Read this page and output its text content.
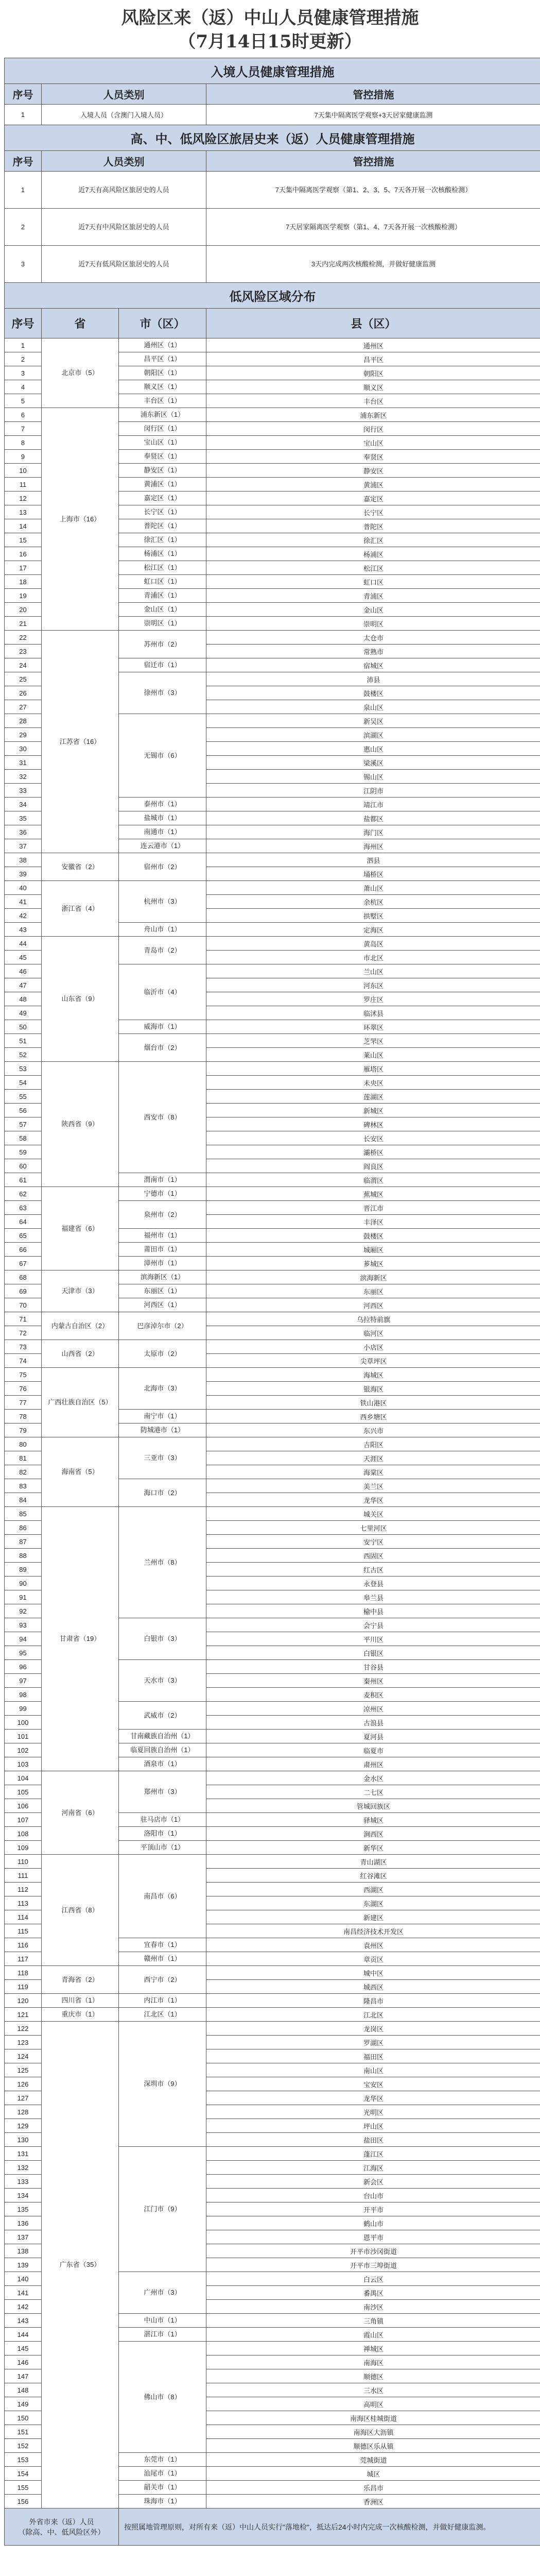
风险区来（返）中山人员健康管理措施
（7月14日15时更新）
入境人员健康管理措施			
序号	人员类别		管控措施
1	入境人员（含澳门入境人员）		7天集中隔离医学观察+3天居家健康监测
高、中、低风险区旅居史来（返）人员健康管理措施			
序号	人员类别		管控措施
1	近7天有高风险区旅居史的人员		7天集中隔离医学观察（第1、2、3、5、7天各开展一次核酸检测）
2	近7天有中风险区旅居史的人员		7天居家隔离医学观察（第1、4、7天各开展一次核酸检测）
3	近7天有低风险区旅居史的人员		3天内完成两次核酸检测，并做好健康监测
低风险区域分布			
序号	省	市（区）	县（区）
1	北京市（5）	通州区（1）	通州区
2		昌平区（1）	昌平区
3		朝阳区（1）	朝阳区
4		顺义区（1）	顺义区
5		丰台区（1）	丰台区
6	上海市（16）	浦东新区（1）	浦东新区
7		闵行区（1）	闵行区
8		宝山区（1）	宝山区
9		奉贤区（1）	奉贤区
10		静安区（1）	静安区
11		黄浦区（1）	黄浦区
12		嘉定区（1）	嘉定区
13		长宁区（1）	长宁区
14		普陀区（1）	普陀区
15		徐汇区（1）	徐汇区
16		杨浦区（1）	杨浦区
17		松江区（1）	松江区
18		虹口区（1）	虹口区
19		青浦区（1）	青浦区
20		金山区（1）	金山区
21		崇明区（1）	崇明区
22	江苏省（16）	苏州市（2）	太仓市
23			常熟市
24		宿迁市（1）	宿城区
25		徐州市（3）	沛县
26			鼓楼区
27			泉山区
28		无锡市（6）	新吴区
29			滨湖区
30			惠山区
31			梁溪区
32			锡山区
33			江阴市
34		泰州市（1）	靖江市
35		盐城市（1）	盐都区
36		南通市（1）	海门区
37		连云港市（1）	海州区
38	安徽省（2）	宿州市（2）	泗县
39			埇桥区
40	浙江省（4）	杭州市（3）	萧山区
41			余杭区
42			拱墅区
43		舟山市（1）	定海区
44	山东省（9）	青岛市（2）	黄岛区
45			市北区
46		临沂市（4）	兰山区
47			河东区
48			罗庄区
49			临沭县
50		威海市（1）	环翠区
51		烟台市（2）	芝罘区
52			莱山区
53	陕西省（9）	西安市（8）	雁塔区
54			未央区
55			莲湖区
56			新城区
57			碑林区
58			长安区
59			灞桥区
60			阎良区
61		渭南市（1）	临渭区
62	福建省（6）	宁德市（1）	蕉城区
63		泉州市（2）	晋江市
64			丰泽区
65		福州市（1）	鼓楼区
66		莆田市（1）	城厢区
67		漳州市（1）	芗城区
68	天津市（3）	滨海新区（1）	滨海新区
69		东丽区（1）	东丽区
70		河西区（1）	河西区
71	内蒙古自治区（2）	巴彦淖尔市（2）	乌拉特前旗
72			临河区
73	山西省（2）	太原市（2）	小店区
74			尖草坪区
75	广西壮族自治区（5）	北海市（3）	海城区
76			银海区
77			铁山港区
78		南宁市（1）	西乡塘区
79		防城港市（1）	东兴市
80	海南省（5）	三亚市（3）	吉阳区
81			天涯区
82			海棠区
83		海口市（2）	美兰区
84			龙华区
85	甘肃省（19）	兰州市（8）	城关区
86			七里河区
87			安宁区
88			西固区
89			红古区
90			永登县
91			皋兰县
92			榆中县
93		白银市（3）	会宁县
94			平川区
95			白银区
96		天水市（3）	甘谷县
97			秦州区
98			麦积区
99		武威市（2）	凉州区
100			古浪县
101		甘南藏族自治州（1）	夏河县
102		临夏回族自治州（1）	临夏市
103		酒泉市（1）	肃州区
104	河南省（6）	郑州市（3）	金水区
105			二七区
106			管城回族区
107		驻马店市（1）	驿城区
108		洛阳市（1）	涧西区
109		平顶山市（1）	新华区
110	江西省（8）	南昌市（6）	青山湖区
111			红谷滩区
112			西湖区
113			东湖区
114			新建区
115			南昌经济技术开发区
116		宜春市（1）	袁州区
117		赣州市（1）	章贡区
118	青海省（2）	西宁市（2）	城中区
119			城西区
120	四川省（1）	内江市（1）	隆昌市
121	重庆市（1）	江北区（1）	江北区
122	广东省（35）	深圳市（9）	龙岗区
123			罗湖区
124			福田区
125			南山区
126			宝安区
127			龙华区
128			光明区
129			坪山区
130			盐田区
131		江门市（9）	蓬江区
132			江海区
133			新会区
134			台山市
135			开平市
136			鹤山市
137			恩平市
138			开平市沙冈街道
139			开平市三埠街道
140		广州市（3）	白云区
141			番禺区
142			南沙区
143		中山市（1）	三角镇
144		湛江市（1）	霞山区
145		佛山市（8）	禅城区
146			南海区
147			顺德区
148			三水区
149			高明区
150			南海区桂城街道
151			南海区大沥镇
152			顺德区乐从镇
153		东莞市（1）	莞城街道
154		汕尾市（1）	城区
155		韶关市（1）	乐昌市
156		珠海市（1）	香洲区

外省市来（返）人员
（除高、中、低风险区外）		按照属地管理原则，对所有来（返）中山人员实行"落地检"，抵达后24小时内完成一次核酸检测，并做好健康监测。	
